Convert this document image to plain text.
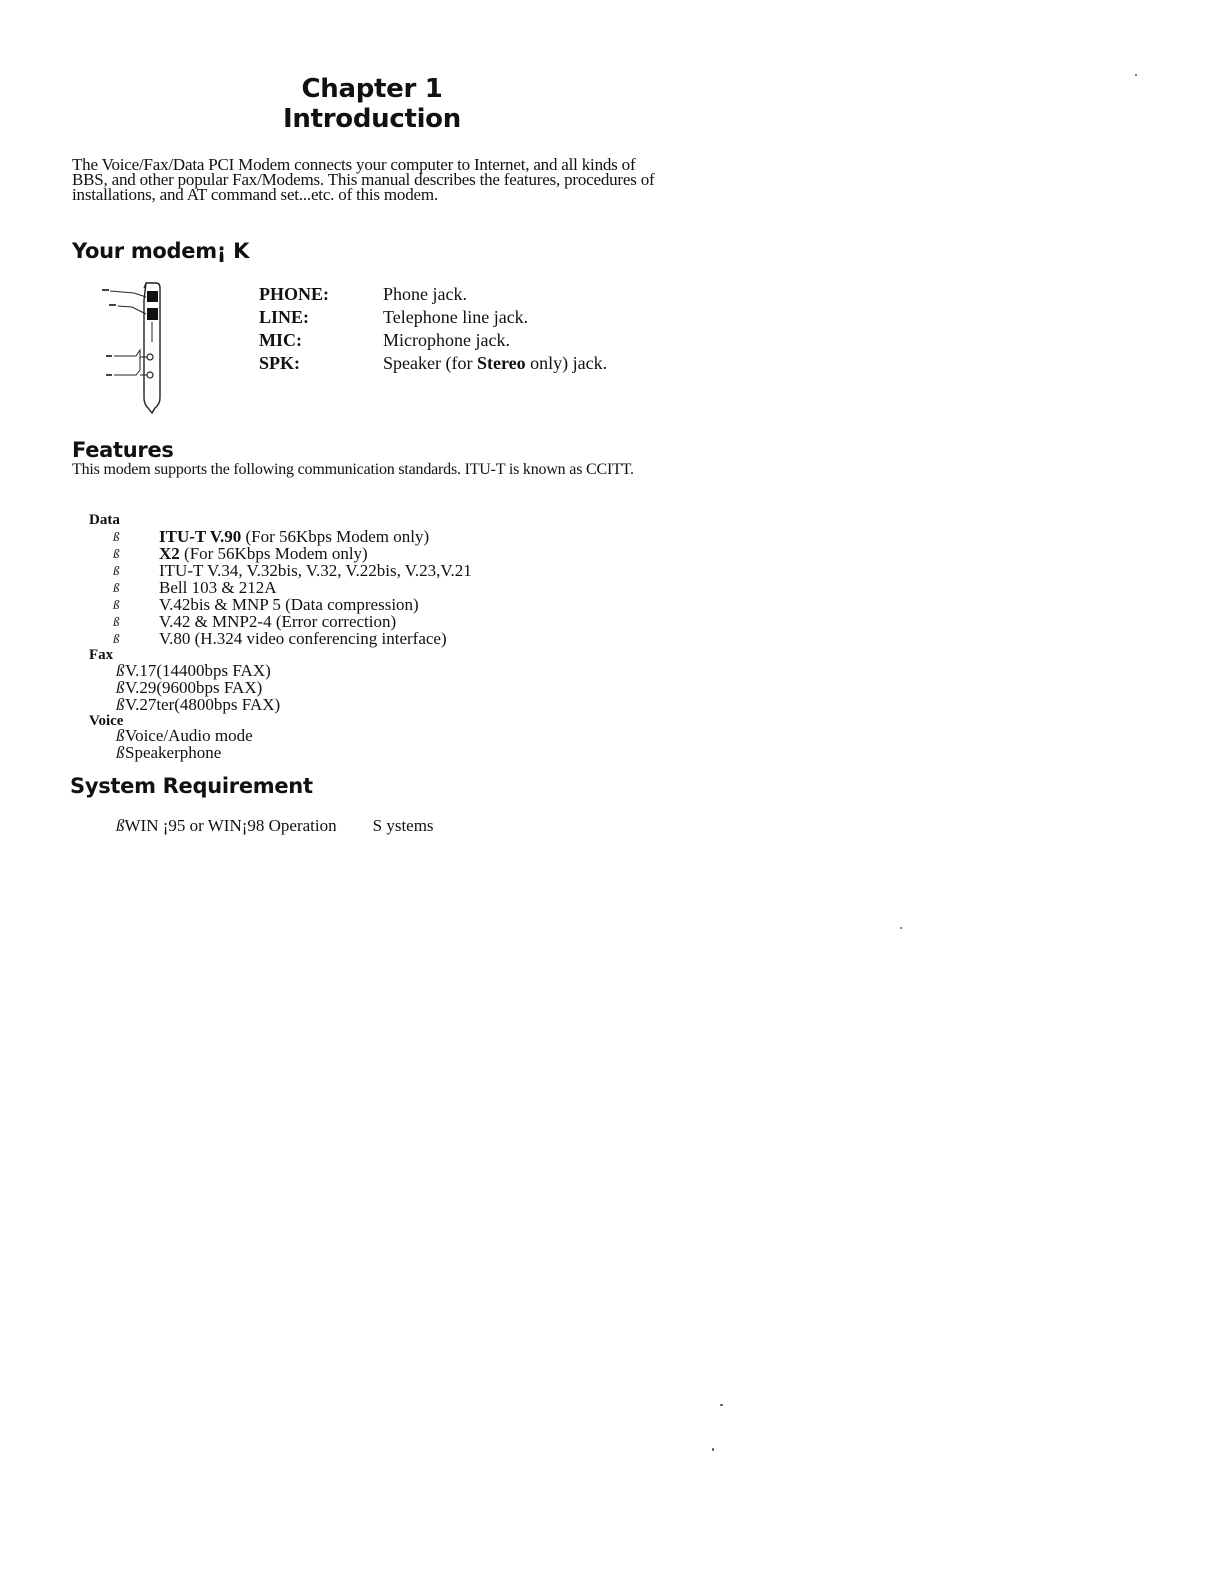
Chapter 1
Introduction
The Voice/Fax/Data PCI Modem connects your computer to Internet, and all kinds of BBS, and other popular Fax/Modems. This manual describes the features, procedures of installations, and AT command set...etc. of this modem.
Your modem¡ K
PHONE:	Phone jack.
LINE:	Telephone line jack.
MIC:	Microphone jack.
SPK:	Speaker (for Stereo only) jack.
Features
This modem supports the following communication standards. ITU-T is known as CCITT.
Data
ß ITU-T V.90 (For 56Kbps Modem only)
ß X2 (For 56Kbps Modem only)
ß ITU-T V.34, V.32bis, V.32, V.22bis, V.23,V.21
ß Bell 103 & 212A
ß V.42bis & MNP 5 (Data compression)
ß V.42 & MNP2-4 (Error correction)
ß V.80 (H.324 video conferencing interface)
Fax
ßV.17(14400bps FAX)
ßV.29(9600bps FAX)
ßV.27ter(4800bps FAX)
Voice
ßVoice/Audio mode
ßSpeakerphone
System Requirement
ßWIN ¡95 or WIN¡98 Operation S ystems
